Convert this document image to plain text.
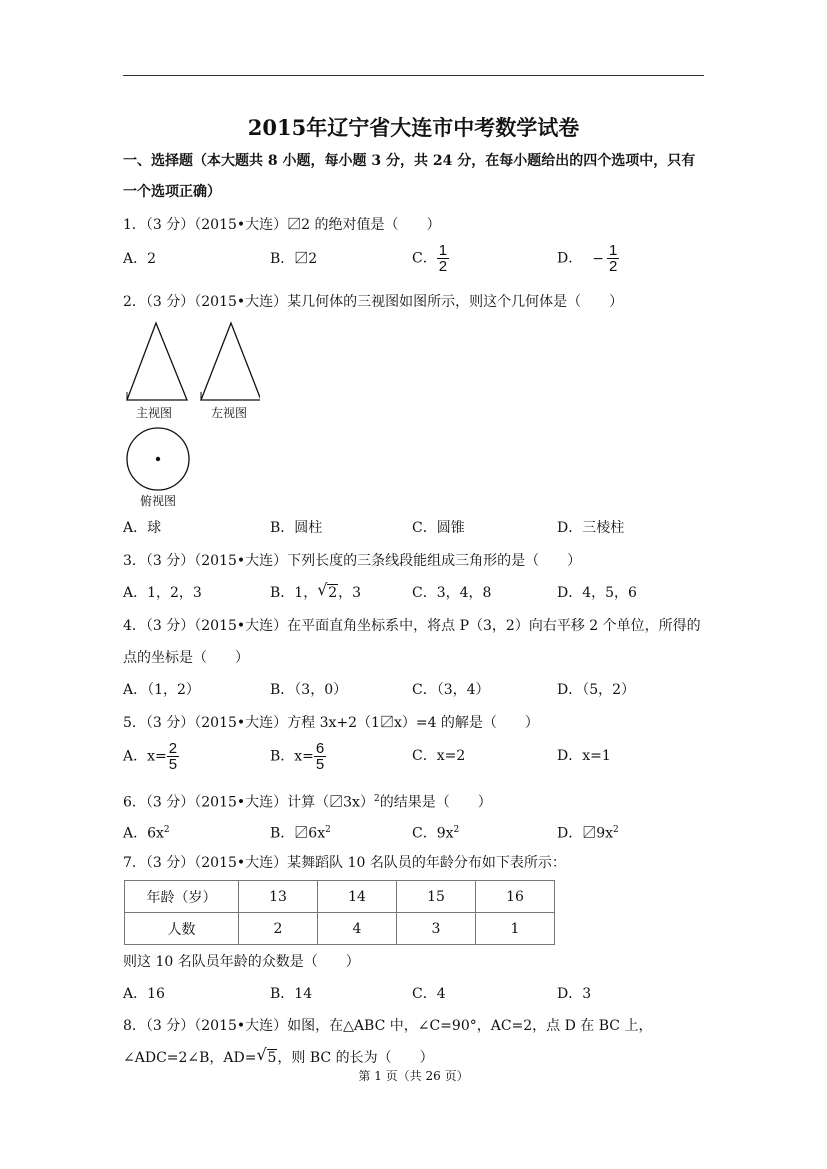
2015年辽宁省大连市中考数学试卷
一、选择题（本大题共 8 小题，每小题 3 分，共 24 分，在每小题给出的四个选项中，只有
一个选项正确）
1．（3 分）（2015•大连）〼2 的绝对值是（　　）
A．2	B．〼2	C． $\frac{1}{2}$	D． − $\frac{1}{2}$
2．（3 分）（2015•大连）某几何体的三视图如图所示，则这个几何体是（　　）
主视图	左视图
俯视图
A．球	B．圆柱	C．圆锥	D．三棱柱
3．（3 分）（2015•大连）下列长度的三条线段能组成三角形的是（　　）
A．1，2，3	B．1， √ 2，3	C．3，4，8	D．4，5，6
4．（3 分）（2015•大连）在平面直角坐标系中，将点 P（3，2）向右平移 2 个单位，所得的
点的坐标是（　　）
A．（1，2）	B．（3，0）	C．（3，4）	D．（5，2）
5．（3 分）（2015•大连）方程 3x+2（1〼x）=4 的解是（　　）
A．$x= \frac{2}{5}$	B．$x= \frac{6}{5}$	C．x=2	D．x=1
6．（3 分）（2015•大连）计算（〼3x）$^2$的结果是（　　）
A．$6x^2$	B．〼$6x^2$	C．$9x^2$	D．〼$9x^2$
7．（3 分）（2015•大连）某舞蹈队 10 名队员的年龄分布如下表所示：
年龄（岁）	13	14	15	16
人数	2	4	3	1
则这 10 名队员年龄的众数是（　　）
A．16	B．14	C．4	D．3
8．（3 分）（2015•大连）如图，在△ABC 中，∠C=90°，AC=2，点 D 在 BC 上，
∠ADC=2∠B，AD= √ 5，则 BC 的长为（　　）
第 1 页（共 26 页）
